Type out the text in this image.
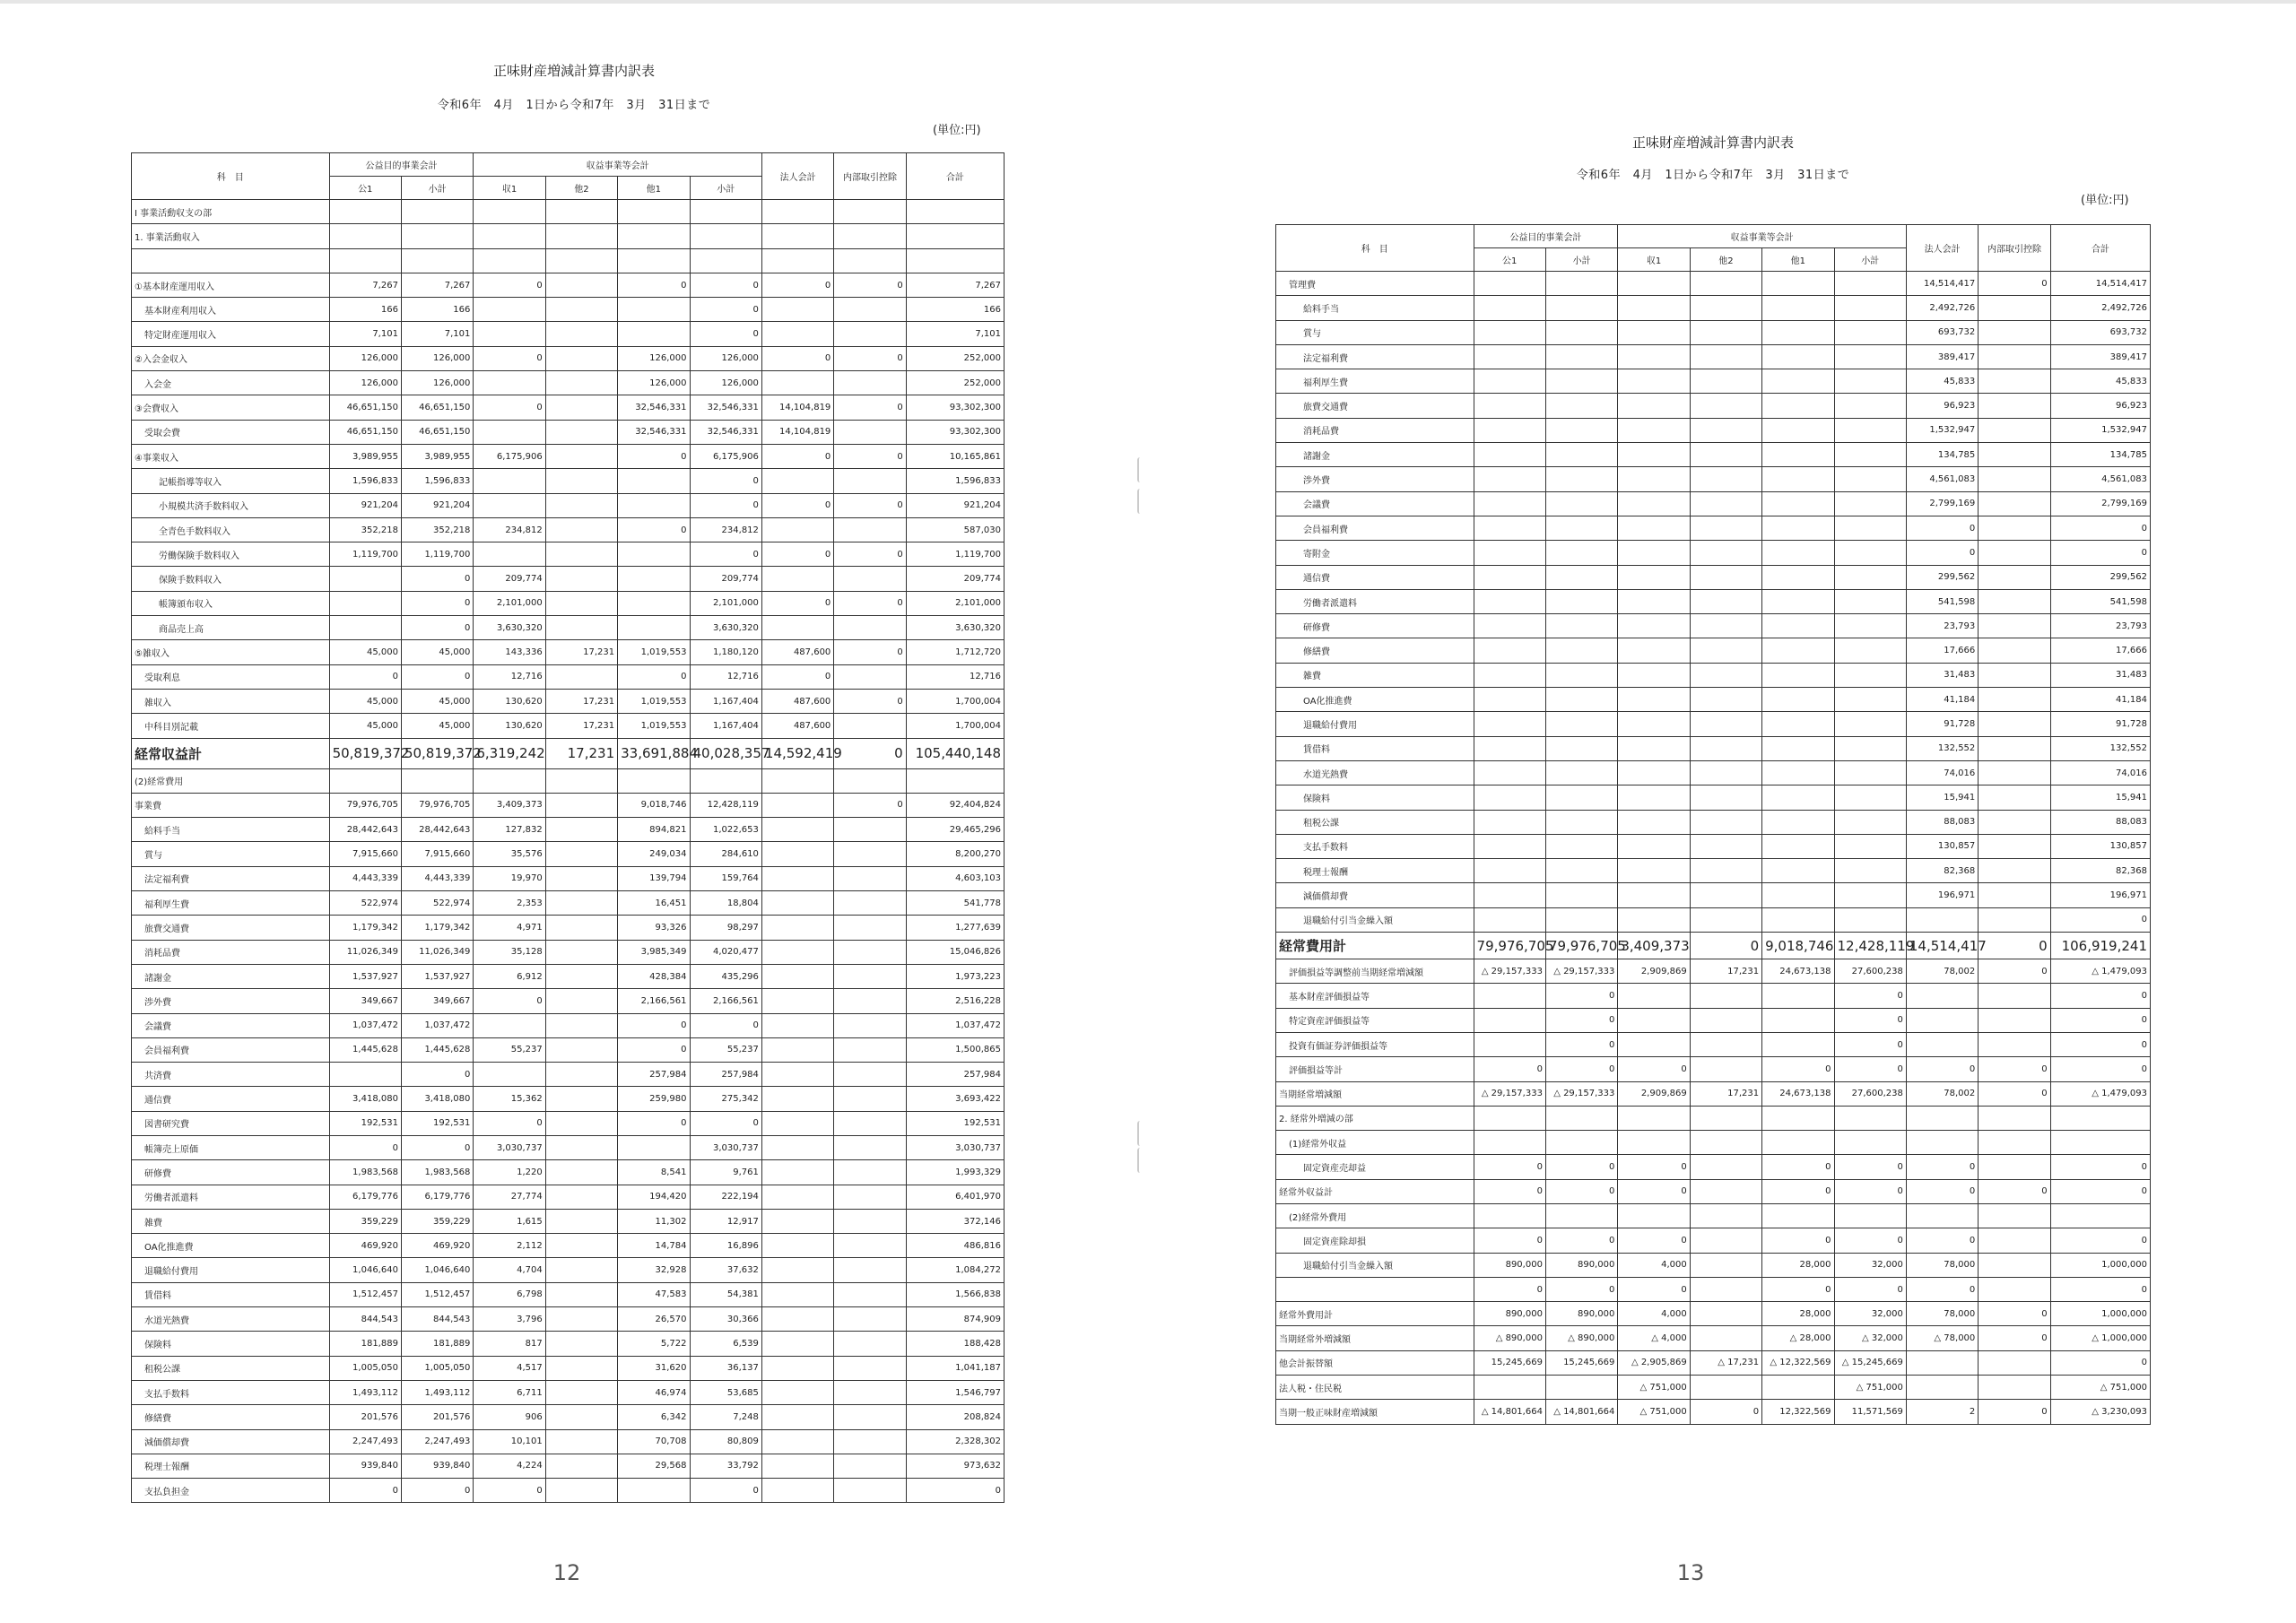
正味財産増減計算書内訳表
令和6年　4月　1日から令和7年　3月　31日まで
(単位:円)
科　目	公益目的事業会計		収益事業等会計				法人会計	内部取引控除	合計
	公1	小計	収1	他2	他1	小計			
Ⅰ 事業活動収支の部									
1. 事業活動収入									

①基本財産運用収入	7,267	7,267	0		0	0	0	0	7,267
基本財産利用収入	166	166				0			166
特定財産運用収入	7,101	7,101				0			7,101
②入会金収入	126,000	126,000	0		126,000	126,000	0	0	252,000
入会金	126,000	126,000			126,000	126,000			252,000
③会費収入	46,651,150	46,651,150	0		32,546,331	32,546,331	14,104,819	0	93,302,300
受取会費	46,651,150	46,651,150			32,546,331	32,546,331	14,104,819		93,302,300
④事業収入	3,989,955	3,989,955	6,175,906		0	6,175,906	0	0	10,165,861
記帳指導等収入	1,596,833	1,596,833				0			1,596,833
小規模共済手数料収入	921,204	921,204				0	0	0	921,204
全青色手数料収入	352,218	352,218	234,812		0	234,812			587,030
労働保険手数料収入	1,119,700	1,119,700				0	0	0	1,119,700
保険手数料収入		0	209,774			209,774			209,774
帳簿頒布収入		0	2,101,000			2,101,000	0	0	2,101,000
商品売上高		0	3,630,320			3,630,320			3,630,320
⑤雑収入	45,000	45,000	143,336	17,231	1,019,553	1,180,120	487,600	0	1,712,720
受取利息	0	0	12,716		0	12,716	0		12,716
雑収入	45,000	45,000	130,620	17,231	1,019,553	1,167,404	487,600	0	1,700,004
中科目別記載	45,000	45,000	130,620	17,231	1,019,553	1,167,404	487,600		1,700,004
経常収益計	50,819,372	50,819,372	6,319,242	17,231	33,691,884	40,028,357	14,592,419	0	105,440,148
(2)経常費用									
事業費	79,976,705	79,976,705	3,409,373		9,018,746	12,428,119		0	92,404,824
給料手当	28,442,643	28,442,643	127,832		894,821	1,022,653			29,465,296
賞与	7,915,660	7,915,660	35,576		249,034	284,610			8,200,270
法定福利費	4,443,339	4,443,339	19,970		139,794	159,764			4,603,103
福利厚生費	522,974	522,974	2,353		16,451	18,804			541,778
旅費交通費	1,179,342	1,179,342	4,971		93,326	98,297			1,277,639
消耗品費	11,026,349	11,026,349	35,128		3,985,349	4,020,477			15,046,826
諸謝金	1,537,927	1,537,927	6,912		428,384	435,296			1,973,223
渉外費	349,667	349,667	0		2,166,561	2,166,561			2,516,228
会議費	1,037,472	1,037,472			0	0			1,037,472
会員福利費	1,445,628	1,445,628	55,237		0	55,237			1,500,865
共済費		0			257,984	257,984			257,984
通信費	3,418,080	3,418,080	15,362		259,980	275,342			3,693,422
図書研究費	192,531	192,531	0		0	0			192,531
帳簿売上原価	0	0	3,030,737			3,030,737			3,030,737
研修費	1,983,568	1,983,568	1,220		8,541	9,761			1,993,329
労働者派遣料	6,179,776	6,179,776	27,774		194,420	222,194			6,401,970
雑費	359,229	359,229	1,615		11,302	12,917			372,146
OA化推進費	469,920	469,920	2,112		14,784	16,896			486,816
退職給付費用	1,046,640	1,046,640	4,704		32,928	37,632			1,084,272
賃借料	1,512,457	1,512,457	6,798		47,583	54,381			1,566,838
水道光熱費	844,543	844,543	3,796		26,570	30,366			874,909
保険料	181,889	181,889	817		5,722	6,539			188,428
租税公課	1,005,050	1,005,050	4,517		31,620	36,137			1,041,187
支払手数料	1,493,112	1,493,112	6,711		46,974	53,685			1,546,797
修繕費	201,576	201,576	906		6,342	7,248			208,824
減価償却費	2,247,493	2,247,493	10,101		70,708	80,809			2,328,302
税理士報酬	939,840	939,840	4,224		29,568	33,792			973,632
支払負担金	0	0	0			0			0
12
正味財産増減計算書内訳表
令和6年　4月　1日から令和7年　3月　31日まで
(単位:円)
科　目	公益目的事業会計		収益事業等会計				法人会計	内部取引控除	合計
	公1	小計	収1	他2	他1	小計			
管理費							14,514,417	0	14,514,417
給料手当							2,492,726		2,492,726
賞与							693,732		693,732
法定福利費							389,417		389,417
福利厚生費							45,833		45,833
旅費交通費							96,923		96,923
消耗品費							1,532,947		1,532,947
諸謝金							134,785		134,785
渉外費							4,561,083		4,561,083
会議費							2,799,169		2,799,169
会員福利費							0		0
寄附金							0		0
通信費							299,562		299,562
労働者派遣料							541,598		541,598
研修費							23,793		23,793
修繕費							17,666		17,666
雑費							31,483		31,483
OA化推進費							41,184		41,184
退職給付費用							91,728		91,728
賃借料							132,552		132,552
水道光熱費							74,016		74,016
保険料							15,941		15,941
租税公課							88,083		88,083
支払手数料							130,857		130,857
税理士報酬							82,368		82,368
減価償却費							196,971		196,971
退職給付引当金繰入額									0
経常費用計	79,976,705	79,976,705	3,409,373	0	9,018,746	12,428,119	14,514,417	0	106,919,241
評価損益等調整前当期経常増減額	△ 29,157,333	△ 29,157,333	2,909,869	17,231	24,673,138	27,600,238	78,002	0	△ 1,479,093
基本財産評価損益等		0				0			0
特定資産評価損益等		0				0			0
投資有価証券評価損益等		0				0			0
評価損益等計	0	0	0		0	0	0	0	0
当期経常増減額	△ 29,157,333	△ 29,157,333	2,909,869	17,231	24,673,138	27,600,238	78,002	0	△ 1,479,093
2. 経常外増減の部									
(1)経常外収益									
固定資産売却益	0	0	0		0	0	0		0
経常外収益計	0	0	0		0	0	0	0	0
(2)経常外費用									
固定資産除却損	0	0	0		0	0	0		0
退職給付引当金繰入額	890,000	890,000	4,000		28,000	32,000	78,000		1,000,000
	0	0	0		0	0	0		0
経常外費用計	890,000	890,000	4,000		28,000	32,000	78,000	0	1,000,000
当期経常外増減額	△ 890,000	△ 890,000	△ 4,000		△ 28,000	△ 32,000	△ 78,000	0	△ 1,000,000
他会計振替額	15,245,669	15,245,669	△ 2,905,869	△ 17,231	△ 12,322,569	△ 15,245,669			0
法人税・住民税			△ 751,000			△ 751,000			△ 751,000
当期一般正味財産増減額	△ 14,801,664	△ 14,801,664	△ 751,000	0	12,322,569	11,571,569	2	0	△ 3,230,093
13
